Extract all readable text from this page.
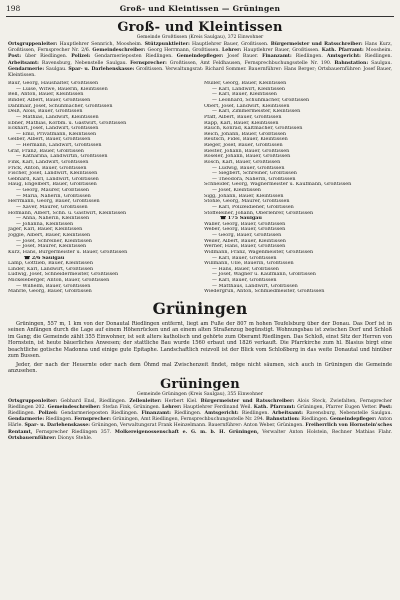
198	Groß- und Kleintissen — Grüningen
Groß- und Kleintissen
Gemeinde Großtissen (Kreis Saulgau), 372 Einwohner
Ortsgruppenleiter: Hauptlehrer Sennrich, Moosheim. Stützpunktleiter: Hauptlehrer Bauer, Großtissen. Bürgermeister und Ratsschreiber: Hans Kurz, Großtissen, Fernsprecher Nr. 2/6. Gemeindeschreiber: Georg Herrmann, Großtissen. Lehrer: Hauptlehrer Bauer, Großtissen. Kath. Pfarramt: Moosheim. Post: über Riedlingen. Polizei: Gendarmerieposten Riedlingen. Gemeindepfleger: Josef Bauer. Finanzamt: Riedlingen. Amtsgericht: Riedlingen. Arbeitsamt: Ravensburg, Nebenstelle Saulgau. Fernsprecher: Großtissen, Amt Feldhausen, Fernsprechbuchungsstelle Nr. 190. Bahnstation: Saulgau. Gendarmerie: Saulgau. Spar- u. Darlehenskasse: Großtissen. Verwaltungsrat: Richard Sommer. Bauernführer: Hans Berger; Ortsbauernführer: Josef Bauer, Kleintissen.
Baur, Georg, Haushälter, Großtissen
— Luise, Witwe, Bäuerin, Kleintissen
Bell, Anton, Bauer, Kleintissen
Binder, Albert, Bauer, Großtissen
Dahlmair, Josef, Schuhmacher, Großtissen
Deiß, Alois, Bauer, Großtissen
— Mathias, Landwirt, Kleintissen
Ebner, Mathias, Korbm. u. Gastwirt, Großtissen
Eckhart, Josef, Landwirt, Großtissen
— Emil, Privatmann, Kleintissen
Gelber, Albert, Bauer, Großtissen
— Hermann, Landwirt, Großtissen
Graf, Franz, Bauer, Großtissen
— Katharina, Landwirtin, Großtissen
Fink, Karl, Landwirt, Großtissen
Frick, Anton, Bauer, Großtissen
Fischer, Josef, Landwirt, Kleintissen
Gebhard, Karl, Landwirt, Großtissen
Haug, Engelbert, Bauer, Großtissen
— Georg, Maurer, Großtissen
— Maria, Näherin, Großtissen
Herrmann, Georg, Bauer, Großtissen
— Xaver, Maurer, Großtissen
Hofmann, Albert, Schn. u. Gastwirt, Kleintissen
— Anna, Näherin, Kleintissen
— Johanna, Kleintissen
Jäger, Karl, Bauer, Kleintissen
Jöggle, Albert, Bauer, Kleintissen
— Josef, Schreiner, Kleintissen
— Josef, Maurer, Kleintissen
Kurz, Hans, Bürgermeister u. Bauer, Großtissen
☎ 2/6 Saulgau
Lamp, Gottlieb, Bauer, Kleintissen
Linder, Karl, Landwirt, Großtissen
Ludwig, Josef, Schneidermeister, Großtissen
Mickeleberger, Anton, Bauer, Großtissen
— Wilhelm, Bauer, Großtissen
Mährle, Georg, Bauer, Großtissen
Müller, Georg, Bauer, Kleintissen
— Karl, Landwirt, Kleintissen
— Karl, Bauer, Kleintissen
— Leonhard, Schuhmacher, Großtissen
Obert, Josef, Landwirt, Kleintissen
— Karl, Zimmermeister, Kleintissen
Pfaff, Albert, Bauer, Großtissen
Rapp, Karl, Bauer, Kleintissen
Rauch, Konrad, Kaltmacher, Großtissen
Reich, Johann, Bauer, Großtissen
Reutsch, Fidel, Bauer, Kleintissen
Rieger, Josef, Bauer, Großtissen
Riester, Johann, Bauer, Großtissen
Röseler, Johann, Bauer, Großtissen
Rösch, Karl, Bauer, Großtissen
— Ludwig, Bauer, Großtissen
— Siegbert, Schreiner, Großtissen
— Theodora, Näherin, Großtissen
Schneider, Georg, Wagnermeister u. Kaufmann, Großtissen
— Josef, Kleintissen
Sigg, Johann, Bauer, Kleintissen
Stöhle, Georg, Maurer, Großtissen
— Karl, Polizeidiener, Großtissen
Stoffeleiner, Johann, Oberlehrer, Großtissen
☎ 175 Saulgau
Waller, Georg, Bauer, Großtissen
Weber, Georg, Bauer, Großtissen
— Georg, Bauer, Großtissen
Weiler, Albert, Bauer, Kleintissen
Werner, Hans, Bauer, Großtissen
Widmann, Franz, Wagenmeister, Großtissen
— Karl, Bauer, Großtissen
Willmann, Ulle, Bäuerin, Großtissen
— Hans, Bauer, Großtissen
— Josef, Wagner u. Kaufmann, Großtissen
— Karl, Bauer, Großtissen
— Matthäus, Landwirt, Großtissen
Wiedergrün, Anton, Schmiedmeister, Großtissen
Grüningen

Grüningen, 557 m, 1 km von der Donautal Riedlingen entfernt, liegt am Fuße der 807 m hohen Teufelsburg über der Donau. Das Dorf ist in seinen Anfängen durch die Lage auf einem Höhenrücken und an einem alten Straßenzug begünstigt. Wohnungsbau ist zwischen Dorf und Schloß im Gang; die Gemeinde zählt 355 Einwohner, ist seit alters katholisch und gehörte zum Oberamt Riedlingen. Das Schloß, einst Sitz der Herren von Hornstein, ist heute bäuerliches Anwesen; der stattliche Bau wurde 1560 erbaut und 1826 verkauft. Die Pfarrkirche zum hl. Blasius birgt eine beachtliche gotische Madonna und einige gute Epitaphe. Landschaftlich reizvoll ist der Blick vom Schloßberg in das weite Donautal und hinüber zum Bussen.

Jeder, der nach der Heuernte oder nach dem Öhmd mal Zwischenzeit findet, möge nicht säumen, sich auch in Grüningen die Gemeinde anzusehen.

Grüningen
Gemeinde Grüningen (Kreis Saulgau), 355 Einwohner
Ortsgruppenleiter: Gebhard Ensl, Riedlingen. Zellenleiter: Herbert Kiel. Bürgermeister und Ratsschreiber: Alois Steck, Zwiefalten, Fernsprecher Riedlingen 202. Gemeindeschreiber: Stefan Fink, Grüningen. Lehrer: Hauptlehrer Ferdinand Weil. Kath. Pfarramt: Grüningen, Pfarrer Eugen Vetter. Post: Riedlingen. Polizei: Gendarmerieposten Riedlingen. Finanzamt: Riedlingen. Amtsgericht: Riedlingen. Arbeitsamt: Ravensburg, Nebenstelle Saulgau. Gendarmerie: Riedlingen. Fernsprecher: Grüningen, Amt Riedlingen, Fernsprechbuchungsstelle Nr. 294. Bahnstation: Riedlingen. Gemeindepfleger: Anton Härle. Spar- u. Darlehenskasse: Grüningen, Verwaltungsrat Frank Heinzelmann. Bauernführer: Anton Weber, Grüningen. Freiherrlich von Hornstein'sches Rentamt, Fernsprecher Riedlingen 357. Molkereigenossenschaft e. G. m. b. H. Grüningen, Verwalter Anton Holstein, Rechner Mathias Flahr. Ortsbauernführer: Dionys Stehle.
